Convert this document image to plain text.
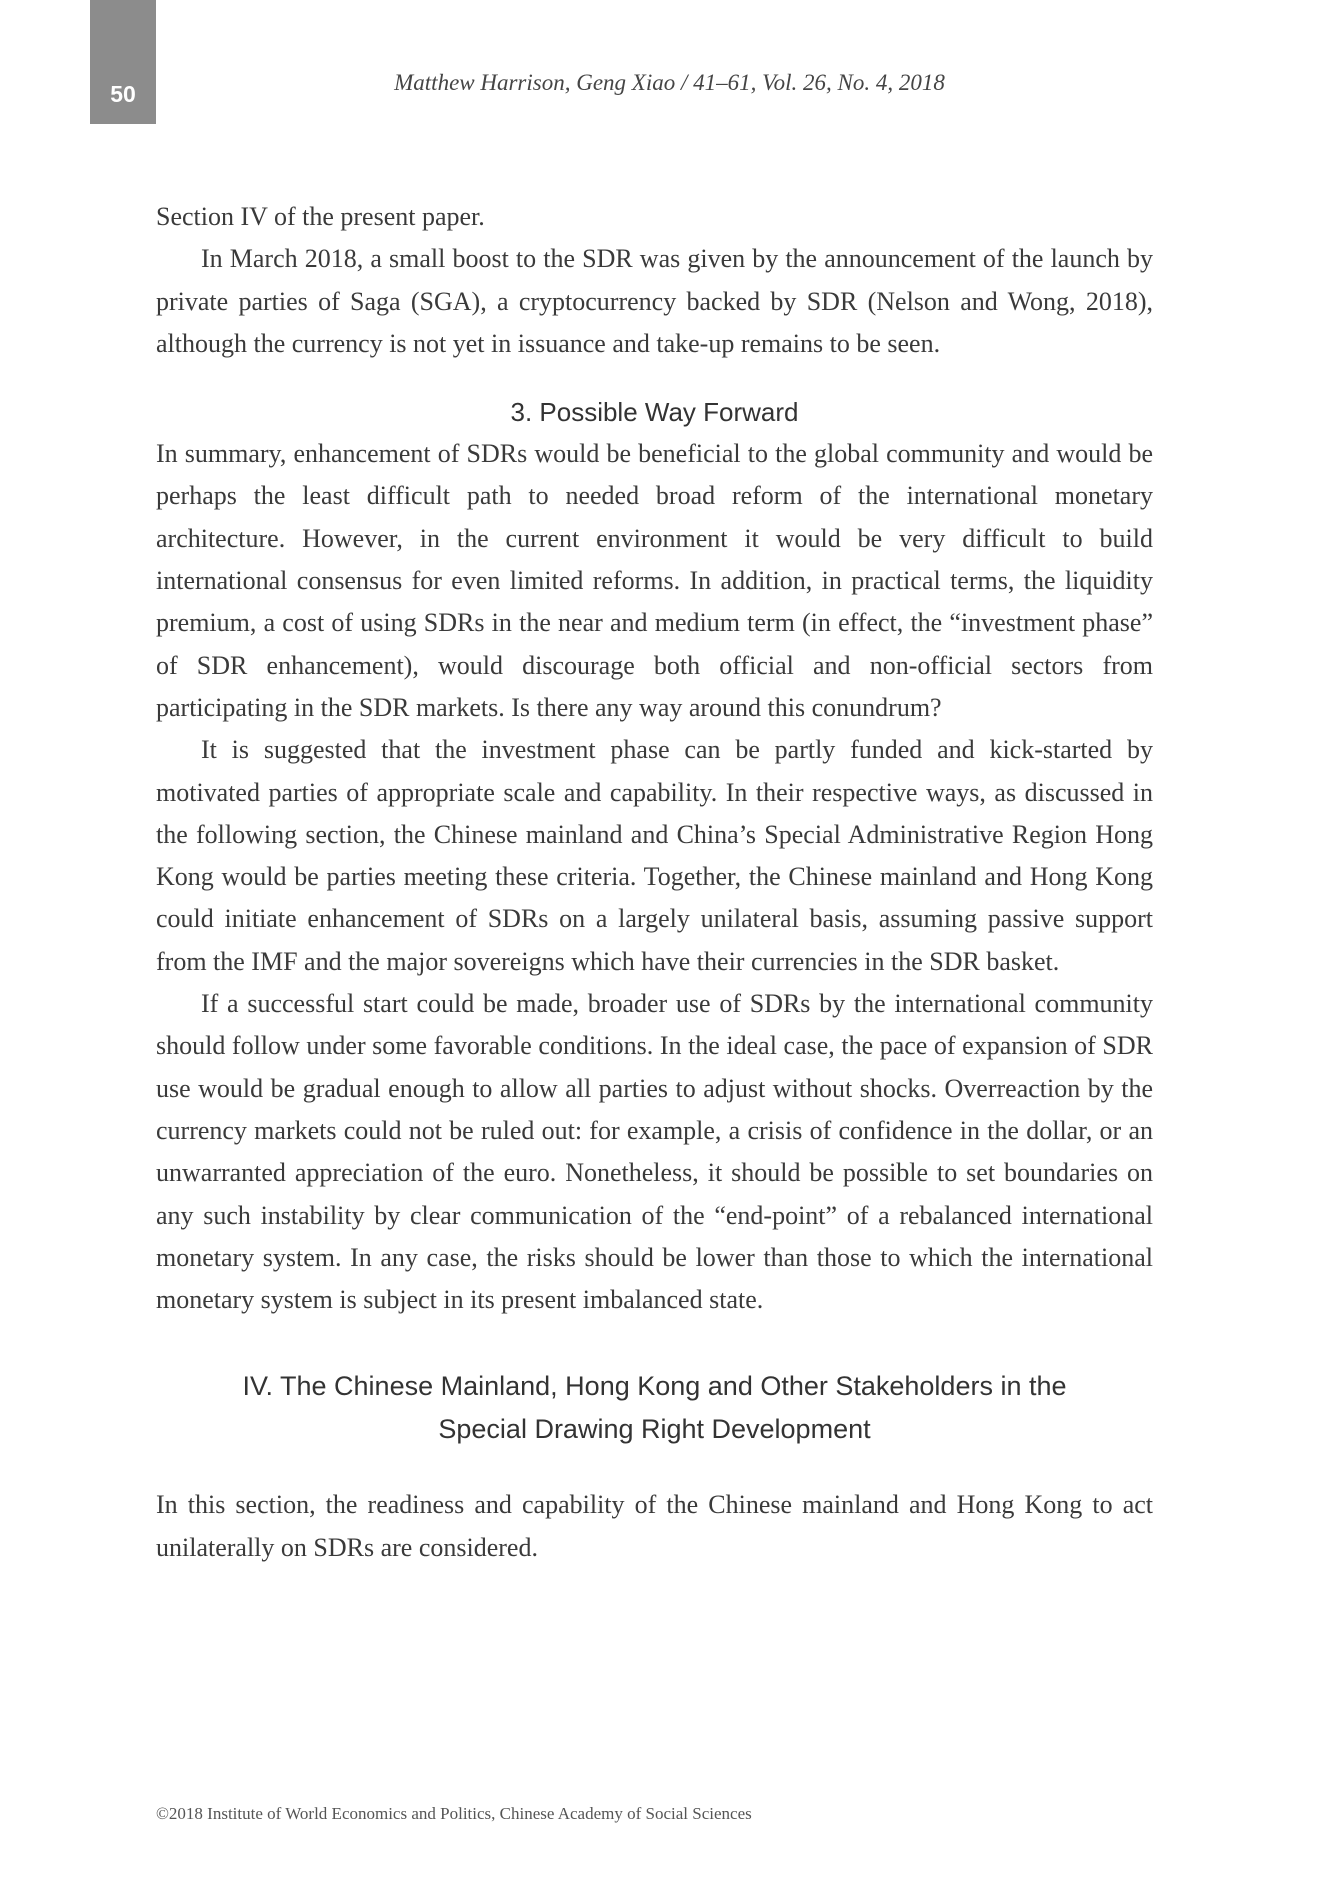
50	Matthew Harrison, Geng Xiao / 41–61, Vol. 26, No. 4, 2018

Section IV of the present paper.

In March 2018, a small boost to the SDR was given by the announcement of the launch by private parties of Saga (SGA), a cryptocurrency backed by SDR (Nelson and Wong, 2018), although the currency is not yet in issuance and take-up remains to be seen.

3. Possible Way Forward

In summary, enhancement of SDRs would be beneficial to the global community and would be perhaps the least difficult path to needed broad reform of the international monetary architecture. However, in the current environment it would be very difficult to build international consensus for even limited reforms. In addition, in practical terms, the liquidity premium, a cost of using SDRs in the near and medium term (in effect, the “investment phase” of SDR enhancement), would discourage both official and non-official sectors from participating in the SDR markets. Is there any way around this conundrum?

It is suggested that the investment phase can be partly funded and kick-started by motivated parties of appropriate scale and capability. In their respective ways, as discussed in the following section, the Chinese mainland and China’s Special Administrative Region Hong Kong would be parties meeting these criteria. Together, the Chinese mainland and Hong Kong could initiate enhancement of SDRs on a largely unilateral basis, assuming passive support from the IMF and the major sovereigns which have their currencies in the SDR basket.

If a successful start could be made, broader use of SDRs by the international community should follow under some favorable conditions. In the ideal case, the pace of expansion of SDR use would be gradual enough to allow all parties to adjust without shocks. Overreaction by the currency markets could not be ruled out: for example, a crisis of confidence in the dollar, or an unwarranted appreciation of the euro. Nonetheless, it should be possible to set boundaries on any such instability by clear communication of the “end-point” of a rebalanced international monetary system. In any case, the risks should be lower than those to which the international monetary system is subject in its present imbalanced state.

IV. The Chinese Mainland, Hong Kong and Other Stakeholders in the
Special Drawing Right Development

In this section, the readiness and capability of the Chinese mainland and Hong Kong to act unilaterally on SDRs are considered.

©2018 Institute of World Economics and Politics, Chinese Academy of Social Sciences
